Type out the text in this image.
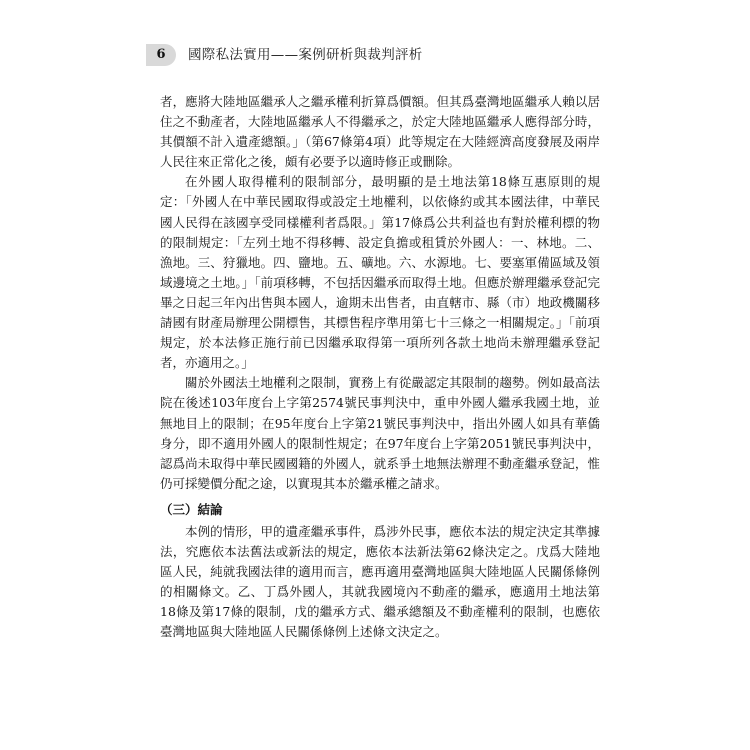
6	國際私法實用——案例研析與裁判評析

者，應將大陸地區繼承人之繼承權利折算爲價額。但其爲臺灣地區繼承人賴以居住之不動產者，大陸地區繼承人不得繼承之，於定大陸地區繼承人應得部分時，其價額不計入遺產總額。」（第67條第4項）此等規定在大陸經濟高度發展及兩岸人民往來正常化之後，頗有必要予以適時修正或刪除。

在外國人取得權利的限制部分，最明顯的是土地法第18條互惠原則的規定：「外國人在中華民國取得或設定土地權利，以依條約或其本國法律，中華民國人民得在該國享受同樣權利者爲限。」第17條爲公共利益也有對於權利標的物的限制規定：「左列土地不得移轉、設定負擔或租賃於外國人：一、林地。二、漁地。三、狩獵地。四、鹽地。五、礦地。六、水源地。七、要塞軍備區域及領域邊境之土地。」「前項移轉，不包括因繼承而取得土地。但應於辦理繼承登記完畢之日起三年內出售與本國人，逾期未出售者，由直轄市、縣（市）地政機關移請國有財產局辦理公開標售，其標售程序準用第七十三條之一相關規定。」「前項規定，於本法修正施行前已因繼承取得第一項所列各款土地尚未辦理繼承登記者，亦適用之。」

關於外國法土地權利之限制，實務上有從嚴認定其限制的趨勢。例如最高法院在後述103年度台上字第2574號民事判決中，重申外國人繼承我國土地，並無地目上的限制；在95年度台上字第21號民事判決中，指出外國人如具有華僑身分，即不適用外國人的限制性規定；在97年度台上字第2051號民事判決中，認爲尚未取得中華民國國籍的外國人，就系爭土地無法辦理不動產繼承登記，惟仍可採變價分配之途，以實現其本於繼承權之請求。

（三）結論

本例的情形，甲的遺產繼承事件，爲涉外民事，應依本法的規定決定其準據法，究應依本法舊法或新法的規定，應依本法新法第62條決定之。戊爲大陸地區人民，純就我國法律的適用而言，應再適用臺灣地區與大陸地區人民關係條例的相關條文。乙、丁爲外國人，其就我國境內不動產的繼承，應適用土地法第18條及第17條的限制，戊的繼承方式、繼承總額及不動產權利的限制，也應依臺灣地區與大陸地區人民關係條例上述條文決定之。
